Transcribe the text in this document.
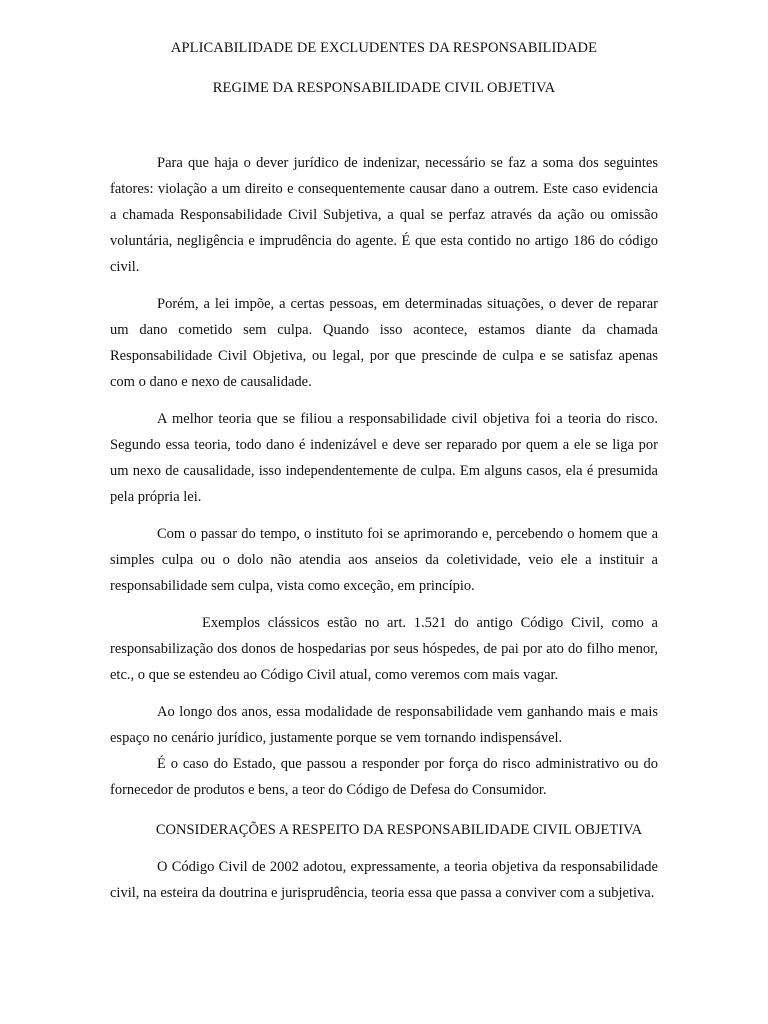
APLICABILIDADE DE EXCLUDENTES DA RESPONSABILIDADE
REGIME DA RESPONSABILIDADE CIVIL OBJETIVA

Para que haja o dever jurídico de indenizar, necessário se faz a soma dos seguintes fatores: violação a um direito e consequentemente causar dano a outrem. Este caso evidencia a chamada Responsabilidade Civil Subjetiva, a qual se perfaz através da ação ou omissão voluntária, negligência e imprudência do agente. É que esta contido no artigo 186 do código civil.

Porém, a lei impõe, a certas pessoas, em determinadas situações, o dever de reparar um dano cometido sem culpa. Quando isso acontece, estamos diante da chamada Responsabilidade Civil Objetiva, ou legal, por que prescinde de culpa e se satisfaz apenas com o dano e nexo de causalidade.

A melhor teoria que se filiou a responsabilidade civil objetiva foi a teoria do risco. Segundo essa teoria, todo dano é indenizável e deve ser reparado por quem a ele se liga por um nexo de causalidade, isso independentemente de culpa. Em alguns casos, ela é presumida pela própria lei.

Com o passar do tempo, o instituto foi se aprimorando e, percebendo o homem que a simples culpa ou o dolo não atendia aos anseios da coletividade, veio ele a instituir a responsabilidade sem culpa, vista como exceção, em princípio.

Exemplos clássicos estão no art. 1.521 do antigo Código Civil, como a responsabilização dos donos de hospedarias por seus hóspedes, de pai por ato do filho menor, etc., o que se estendeu ao Código Civil atual, como veremos com mais vagar.

Ao longo dos anos, essa modalidade de responsabilidade vem ganhando mais e mais espaço no cenário jurídico, justamente porque se vem tornando indispensável.

É o caso do Estado, que passou a responder por força do risco administrativo ou do fornecedor de produtos e bens, a teor do Código de Defesa do Consumidor.

CONSIDERAÇÕES A RESPEITO DA RESPONSABILIDADE CIVIL OBJETIVA

O Código Civil de 2002 adotou, expressamente, a teoria objetiva da responsabilidade civil, na esteira da doutrina e jurisprudência, teoria essa que passa a conviver com a subjetiva.
